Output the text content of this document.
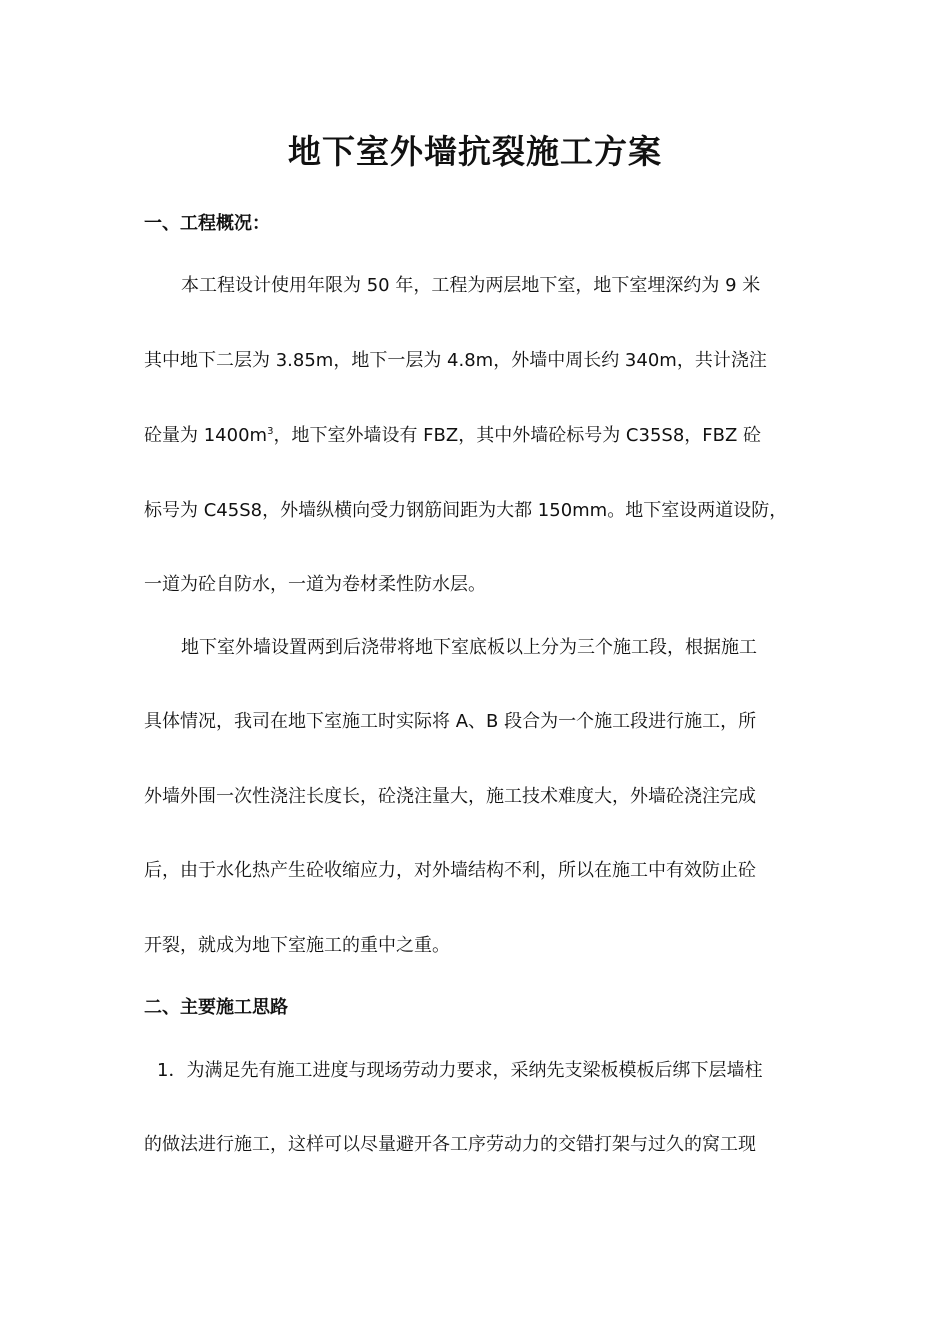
地下室外墙抗裂施工方案
一、工程概况：
本工程设计使用年限为 50 年，工程为两层地下室，地下室埋深约为 9 米
其中地下二层为 3.85m，地下一层为 4.8m，外墙中周长约 340m，共计浇注
砼量为 $1400m^3$，地下室外墙设有 FBZ，其中外墙砼标号为 C35S8，FBZ 砼
标号为 C45S8，外墙纵横向受力钢筋间距为大都 150mm。地下室设两道设防，
一道为砼自防水，一道为卷材柔性防水层。
地下室外墙设置两到后浇带将地下室底板以上分为三个施工段，根据施工
具体情况，我司在地下室施工时实际将 A、B 段合为一个施工段进行施工，所
外墙外围一次性浇注长度长，砼浇注量大，施工技术难度大，外墙砼浇注完成
后，由于水化热产生砼收缩应力，对外墙结构不利，所以在施工中有效防止砼
开裂，就成为地下室施工的重中之重。
二、主要施工思路
1．为满足先有施工进度与现场劳动力要求，采纳先支梁板模板后绑下层墙柱
的做法进行施工，这样可以尽量避开各工序劳动力的交错打架与过久的窝工现
